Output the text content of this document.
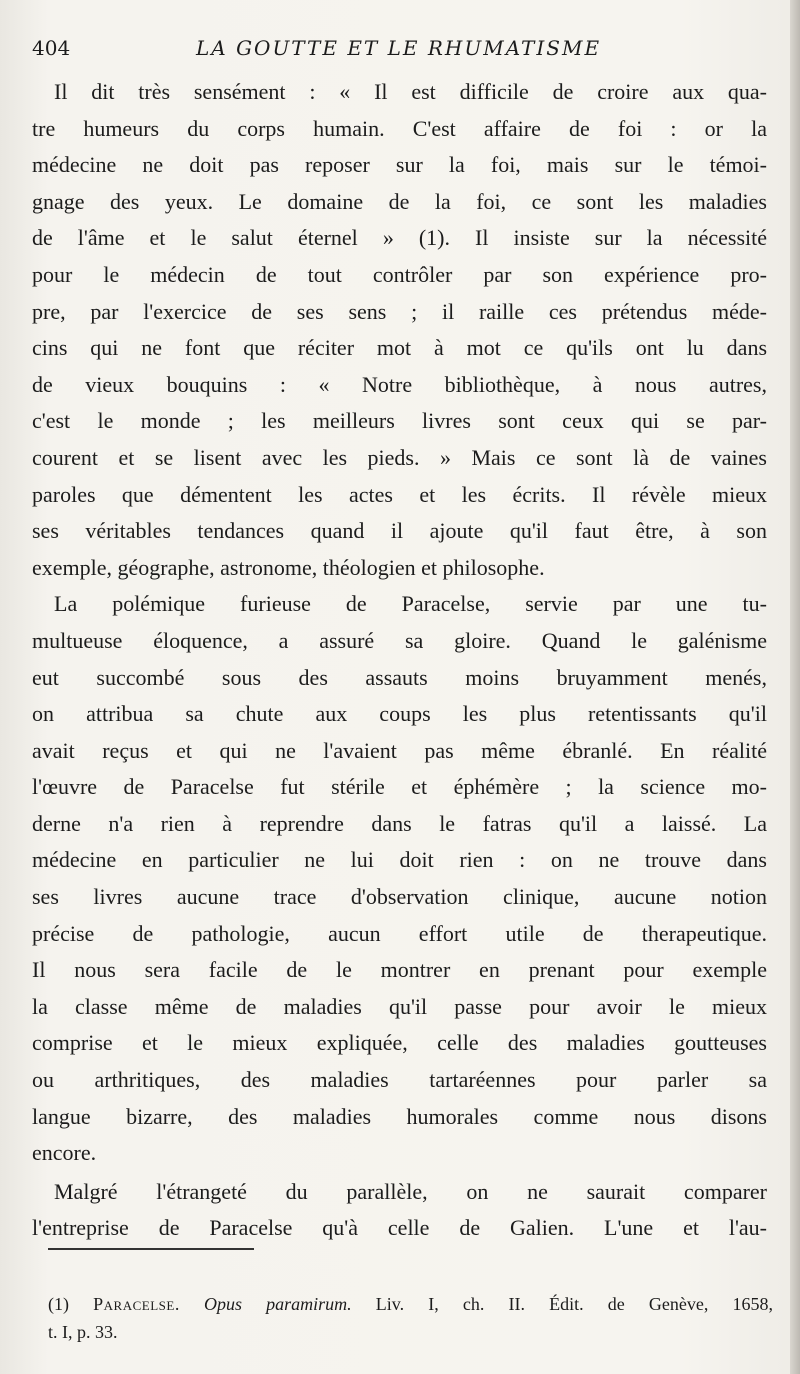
404	LA GOUTTE ET LE RHUMATISME
Il dit très sensément : « Il est difficile de croire aux qua-
tre humeurs du corps humain. C'est affaire de foi : or la
médecine ne doit pas reposer sur la foi, mais sur le témoi-
gnage des yeux. Le domaine de la foi, ce sont les maladies
de l'âme et le salut éternel » (1). Il insiste sur la nécessité
pour le médecin de tout contrôler par son expérience pro-
pre, par l'exercice de ses sens ; il raille ces prétendus méde-
cins qui ne font que réciter mot à mot ce qu'ils ont lu dans
de vieux bouquins : « Notre bibliothèque, à nous autres,
c'est le monde ; les meilleurs livres sont ceux qui se par-
courent et se lisent avec les pieds. » Mais ce sont là de vaines
paroles que démentent les actes et les écrits. Il révèle mieux
ses véritables tendances quand il ajoute qu'il faut être, à son
exemple, géographe, astronome, théologien et philosophe.
La polémique furieuse de Paracelse, servie par une tu-
multueuse éloquence, a assuré sa gloire. Quand le galénisme
eut succombé sous des assauts moins bruyamment menés,
on attribua sa chute aux coups les plus retentissants qu'il
avait reçus et qui ne l'avaient pas même ébranlé. En réalité
l'œuvre de Paracelse fut stérile et éphémère ; la science mo-
derne n'a rien à reprendre dans le fatras qu'il a laissé. La
médecine en particulier ne lui doit rien : on ne trouve dans
ses livres aucune trace d'observation clinique, aucune notion
précise de pathologie, aucun effort utile de therapeutique.
Il nous sera facile de le montrer en prenant pour exemple
la classe même de maladies qu'il passe pour avoir le mieux
comprise et le mieux expliquée, celle des maladies goutteuses
ou arthritiques, des maladies tartaréennes pour parler sa
langue bizarre, des maladies humorales comme nous disons
encore.
Malgré l'étrangeté du parallèle, on ne saurait comparer
l'entreprise de Paracelse qu'à celle de Galien. L'une et l'au-
(1) Paracelse. Opus paramirum. Liv. I, ch. II. Édit. de Genève, 1658,
t. I, p. 33.
